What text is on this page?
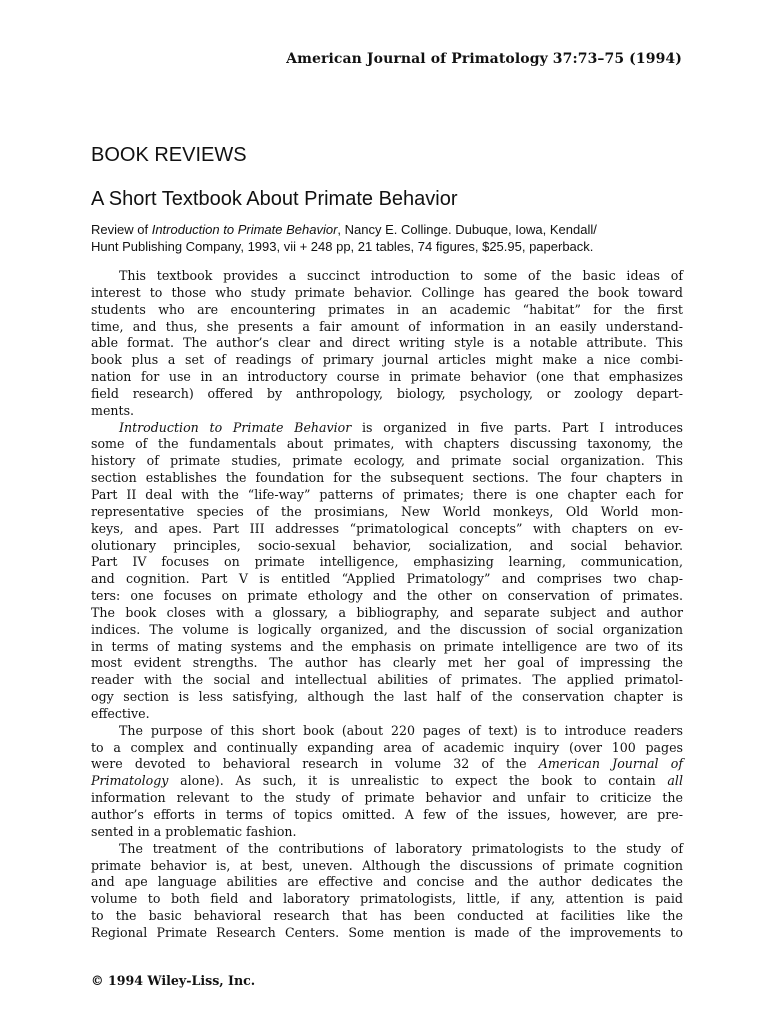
American Journal of Primatology 37:73–75 (1994)
BOOK REVIEWS
A Short Textbook About Primate Behavior
Review of Introduction to Primate Behavior, Nancy E. Collinge. Dubuque, Iowa, Kendall/
Hunt Publishing Company, 1993, vii + 248 pp, 21 tables, 74 figures, $25.95, paperback.

This textbook provides a succinct introduction to some of the basic ideas of
interest to those who study primate behavior. Collinge has geared the book toward
students who are encountering primates in an academic “habitat” for the first
time, and thus, she presents a fair amount of information in an easily understand-
able format. The author’s clear and direct writing style is a notable attribute. This
book plus a set of readings of primary journal articles might make a nice combi-
nation for use in an introductory course in primate behavior (one that emphasizes
field research) offered by anthropology, biology, psychology, or zoology depart-
ments.

Introduction to Primate Behavior is organized in five parts. Part I introduces
some of the fundamentals about primates, with chapters discussing taxonomy, the
history of primate studies, primate ecology, and primate social organization. This
section establishes the foundation for the subsequent sections. The four chapters in
Part II deal with the “life-way” patterns of primates; there is one chapter each for
representative species of the prosimians, New World monkeys, Old World mon-
keys, and apes. Part III addresses “primatological concepts” with chapters on ev-
olutionary principles, socio-sexual behavior, socialization, and social behavior.
Part IV focuses on primate intelligence, emphasizing learning, communication,
and cognition. Part V is entitled “Applied Primatology” and comprises two chap-
ters: one focuses on primate ethology and the other on conservation of primates.
The book closes with a glossary, a bibliography, and separate subject and author
indices. The volume is logically organized, and the discussion of social organization
in terms of mating systems and the emphasis on primate intelligence are two of its
most evident strengths. The author has clearly met her goal of impressing the
reader with the social and intellectual abilities of primates. The applied primatol-
ogy section is less satisfying, although the last half of the conservation chapter is
effective.

The purpose of this short book (about 220 pages of text) is to introduce readers
to a complex and continually expanding area of academic inquiry (over 100 pages
were devoted to behavioral research in volume 32 of the American Journal of
Primatology alone). As such, it is unrealistic to expect the book to contain all
information relevant to the study of primate behavior and unfair to criticize the
author’s efforts in terms of topics omitted. A few of the issues, however, are pre-
sented in a problematic fashion.

The treatment of the contributions of laboratory primatologists to the study of
primate behavior is, at best, uneven. Although the discussions of primate cognition
and ape language abilities are effective and concise and the author dedicates the
volume to both field and laboratory primatologists, little, if any, attention is paid
to the basic behavioral research that has been conducted at facilities like the
Regional Primate Research Centers. Some mention is made of the improvements to

© 1994 Wiley-Liss, Inc.
